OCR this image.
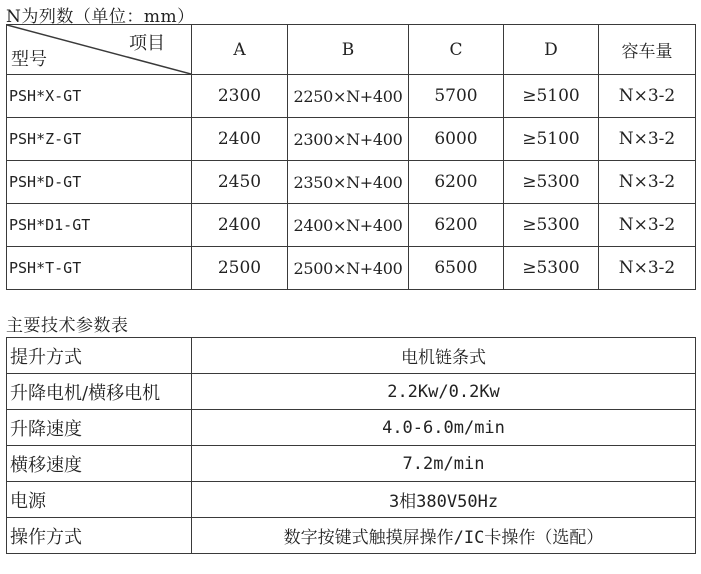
N为列数（单位：mm）
项目
型号	A	B	C	D	容车量
PSH*X-GT	2300	2250×N+400	5700	≥5100	N×3-2
PSH*Z-GT	2400	2300×N+400	6000	≥5100	N×3-2
PSH*D-GT	2450	2350×N+400	6200	≥5300	N×3-2
PSH*D1-GT	2400	2400×N+400	6200	≥5300	N×3-2
PSH*T-GT	2500	2500×N+400	6500	≥5300	N×3-2
主要技术参数表
提升方式	电机链条式
升降电机/横移电机	2.2Kw/0.2Kw
升降速度	4.0-6.0m/min
横移速度	7.2m/min
电源	3相380V50Hz
操作方式	数字按键式触摸屏操作/IC卡操作（选配）
